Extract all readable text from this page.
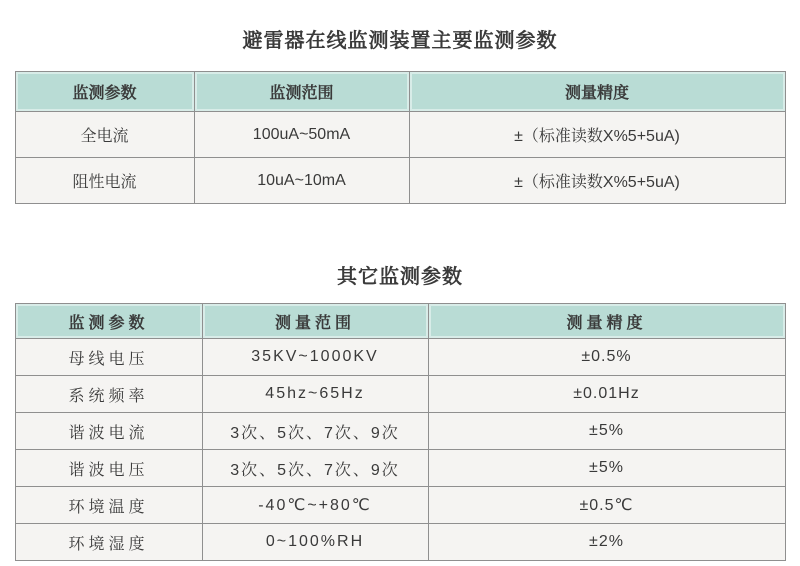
避雷器在线监测装置主要监测参数
监测参数	监测范围	测量精度
全电流	100uA~50mA	±（标准读数X%5+5uA)
阻性电流	10uA~10mA	±（标准读数X%5+5uA)
其它监测参数
监测参数	测量范围	测量精度
母线电压	35KV~1000KV	±0.5%
系统频率	45hz~65Hz	±0.01Hz
谐波电流	3次、5次、7次、9次	±5%
谐波电压	3次、5次、7次、9次	±5%
环境温度	-40℃~+80℃	±0.5℃
环境湿度	0~100%RH	±2%
